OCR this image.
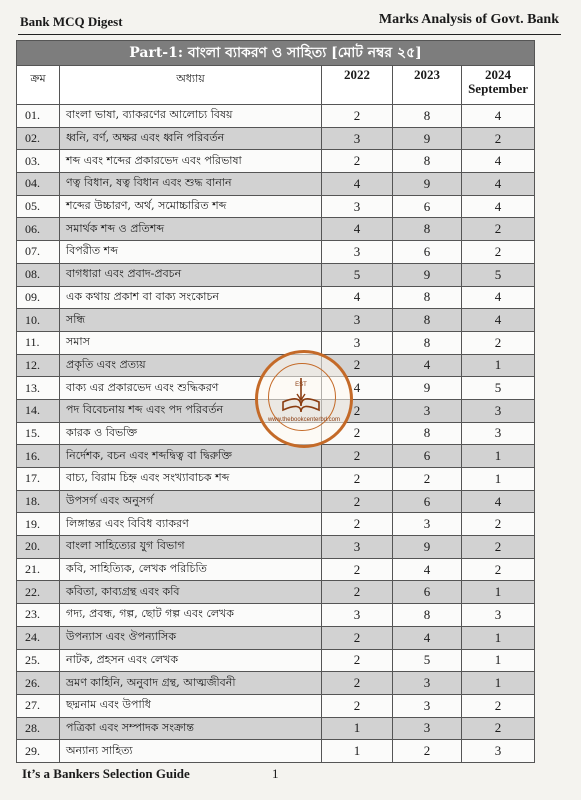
Bank MCQ Digest	Marks Analysis of Govt. Bank
Part-1: বাংলা ব্যাকরণ ও সাহিত্য [মোট নম্বর ২৫]				
ক্রম	অধ্যায়	2022	2023	2024
September

01.	বাংলা ভাষা, ব্যাকরণের আলোচ্য বিষয়	2	8	4
02.	ধ্বনি, বর্ণ, অক্ষর এবং ধ্বনি পরিবর্তন	3	9	2
03.	শব্দ এবং শব্দের প্রকারভেদ এবং পরিভাষা	2	8	4
04.	ণত্ব বিধান, ষত্ব বিধান এবং শুদ্ধ বানান	4	9	4
05.	শব্দের উচ্চারণ, অর্থ, সমোচ্চারিত শব্দ	3	6	4
06.	সমার্থক শব্দ ও প্রতিশব্দ	4	8	2
07.	বিপরীত শব্দ	3	6	2
08.	বাগধারা এবং প্রবাদ-প্রবচন	5	9	5
09.	এক কথায় প্রকাশ বা বাক্য সংকোচন	4	8	4
10.	সন্ধি	3	8	4
11.	সমাস	3	8	2
12.	প্রকৃতি এবং প্রত্যয়	2	4	1
13.	বাক্য এর প্রকারভেদ এবং শুদ্ধিকরণ	4	9	5
14.	পদ বিবেচনায় শব্দ এবং পদ পরিবর্তন	2	3	3
15.	কারক ও বিভক্তি	2	8	3
16.	নির্দেশক, বচন এবং শব্দদ্বিত্ব বা দ্বিরুক্তি	2	6	1
17.	বাচ্য, বিরাম চিহ্ন এবং সংখ্যাবাচক শব্দ	2	2	1
18.	উপসর্গ এবং অনুসর্গ	2	6	4
19.	লিঙ্গান্তর এবং বিবিধ ব্যাকরণ	2	3	2
20.	বাংলা সাহিত্যের যুগ বিভাগ	3	9	2
21.	কবি, সাহিত্যিক, লেখক পরিচিতি	2	4	2
22.	কবিতা, কাব্যগ্রন্থ এবং কবি	2	6	1
23.	গদ্য, প্রবন্ধ, গল্প, ছোট গল্প এবং লেখক	3	8	3
24.	উপন্যাস এবং ঔপন্যাসিক	2	4	1
25.	নাটক, প্রহসন এবং লেখক	2	5	1
26.	ভ্রমণ কাহিনি, অনুবাদ গ্রন্থ, আত্মজীবনী	2	3	1
27.	ছদ্মনাম এবং উপাধি	2	3	2
28.	পত্রিকা এবং সম্পাদক সংক্রান্ত	1	3	2
29.	অন্যান্য সাহিত্য	1	2	3
EST
www.thebookcenterbd.com
It’s a Bankers Selection Guide	1
